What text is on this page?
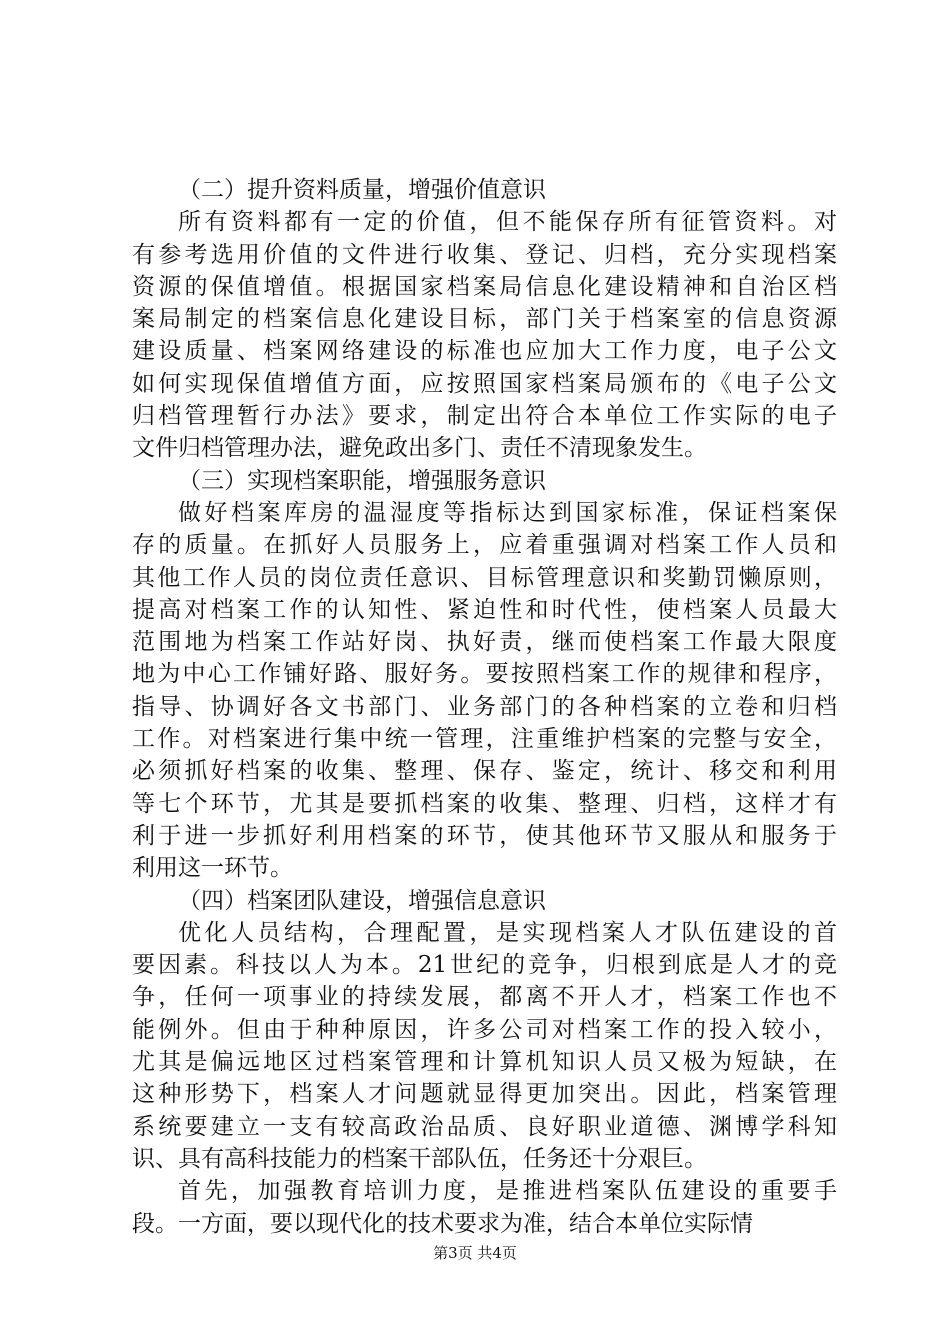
（二）提升资料质量，增强价值意识
所有资料都有一定的价值，但不能保存所有征管资料。对
有参考选用价值的文件进行收集、登记、归档，充分实现档案
资源的保值增值。根据国家档案局信息化建设精神和自治区档
案局制定的档案信息化建设目标，部门关于档案室的信息资源
建设质量、档案网络建设的标准也应加大工作力度，电子公文
如何实现保值增值方面，应按照国家档案局颁布的《电子公文
归档管理暂行办法》要求，制定出符合本单位工作实际的电子
文件归档管理办法，避免政出多门、责任不清现象发生。
（三）实现档案职能，增强服务意识
做好档案库房的温湿度等指标达到国家标准，保证档案保
存的质量。在抓好人员服务上，应着重强调对档案工作人员和
其他工作人员的岗位责任意识、目标管理意识和奖勤罚懒原则，
提高对档案工作的认知性、紧迫性和时代性，使档案人员最大
范围地为档案工作站好岗、执好责，继而使档案工作最大限度
地为中心工作铺好路、服好务。要按照档案工作的规律和程序，
指导、协调好各文书部门、业务部门的各种档案的立卷和归档
工作。对档案进行集中统一管理，注重维护档案的完整与安全，
必须抓好档案的收集、整理、保存、鉴定，统计、移交和利用
等七个环节，尤其是要抓档案的收集、整理、归档，这样才有
利于进一步抓好利用档案的环节，使其他环节又服从和服务于
利用这一环节。
（四）档案团队建设，增强信息意识
优化人员结构，合理配置，是实现档案人才队伍建设的首
要因素。科技以人为本。21世纪的竞争，归根到底是人才的竞
争，任何一项事业的持续发展，都离不开人才，档案工作也不
能例外。但由于种种原因，许多公司对档案工作的投入较小，
尤其是偏远地区过档案管理和计算机知识人员又极为短缺，在
这种形势下，档案人才问题就显得更加突出。因此，档案管理
系统要建立一支有较高政治品质、良好职业道德、渊博学科知
识、具有高科技能力的档案干部队伍，任务还十分艰巨。
首先，加强教育培训力度，是推进档案队伍建设的重要手
段。一方面，要以现代化的技术要求为准，结合本单位实际情
第3页 共4页
